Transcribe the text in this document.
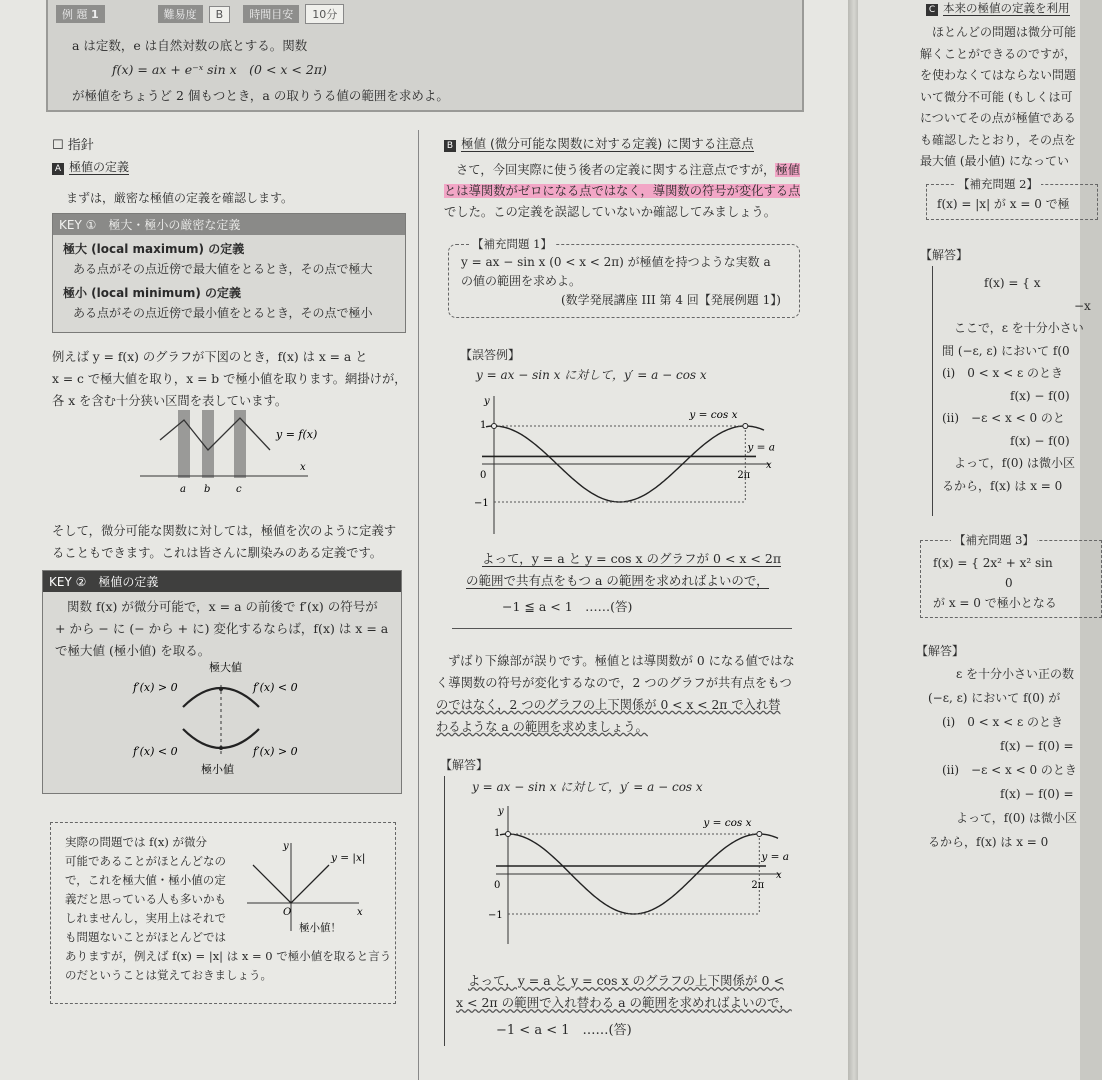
例 題 1	難易度 B 時間目安 10分
a は定数，e は自然対数の底とする。関数
f(x) = ax + e⁻ˣ sin x　(0 < x < 2π)
が極値をちょうど 2 個もつとき，a の取りうる値の範囲を求めよ。
☐ 指針
A 極値の定義
まずは，厳密な極値の定義を確認します。
KEY ①　極大・極小の厳密な定義
極大 (local maximum) の定義
ある点がその点近傍で最大値をとるとき，その点で極大
極小 (local minimum) の定義
ある点がその点近傍で最小値をとるとき，その点で極小
例えば y = f(x) のグラフが下図のとき，f(x) は x = a と
x = c で極大値を取り，x = b で極小値を取ります。網掛けが，
各 x を含む十分狭い区間を表しています。
y = f(x)
x
a b	c
そして，微分可能な関数に対しては，極値を次のように定義す
ることもできます。これは皆さんに馴染みのある定義です。
KEY ②　極値の定義
関数 f(x) が微分可能で，x = a の前後で f′(x) の符号が
+ から − に (− から + に) 変化するならば，f(x) は x = a
で極大値 (極小値) を取る。
極大値
f′(x) > 0	f′(x) < 0
f′(x) < 0	f′(x) > 0
極小値
実際の問題では f(x) が微分
可能であることがほとんどなの
で，これを極大値・極小値の定
義だと思っている人も多いかも
しれませんし，実用上はそれで
も問題ないことがほとんどでは
ありますが，例えば f(x) = |x| は x = 0 で極小値を取ると言う
のだということは覚えておきましょう。
y
x
O
y = |x|
極小値！
B 極値 (微分可能な関数に対する定義) に関する注意点
さて，今回実際に使う後者の定義に関する注意点ですが，極値
とは導関数がゼロになる点ではなく，導関数の符号が変化する点
でした。この定義を誤認していないか確認してみましょう。
【補充問題 1】
y = ax − sin x (0 < x < 2π) が極値を持つような実数 a
の値の範囲を求めよ。
(数学発展講座 III 第 4 回【発展例題 1】)
【誤答例】
y = ax − sin x に対して，y′ = a − cos x
1
0
−1
2π
x
y
y = cos x
y = a
よって，y = a と y = cos x のグラフが 0 < x < 2π
の範囲で共有点をもつ a の範囲を求めればよいので，
−1 ≦ a < 1　……(答)
ずばり下線部が誤りです。極値とは導関数が 0 になる値ではな
く導関数の符号が変化するなので，2 つのグラフが共有点をもつ
のではなく，2 つのグラフの上下関係が 0 < x < 2π で入れ替
わるような a の範囲を求めましょう。
【解答】
y = ax − sin x に対して，y′ = a − cos x
1
0
−1
2π
x
y
y = cos x
y = a
よって，y = a と y = cos x のグラフの上下関係が 0 <
x < 2π の範囲で入れ替わる a の範囲を求めればよいので，
−1 < a < 1　……(答)
C 本来の極値の定義を利用
ほとんどの問題は微分可能
解くことができるのですが，
を使わなくてはならない問題
いて微分不可能 (もしくは可
についてその点が極値である
も確認したとおり，その点を
最大値 (最小値) になってい
【補充問題 2】
f(x) = |x| が x = 0 で極
【解答】
f(x) = { x
−x
ここで，ε を十分小さい
間 (−ε, ε) において f(0
(i)　0 < x < ε のとき
f(x) − f(0)
(ii)　−ε < x < 0 のと
f(x) − f(0)
よって，f(0) は微小区
るから，f(x) は x = 0
【補充問題 3】
f(x) = { 2x² + x² sin
0
が x = 0 で極小となる
【解答】
ε を十分小さい正の数
(−ε, ε) において f(0) が
(i)　0 < x < ε のとき
f(x) − f(0) =
(ii)　−ε < x < 0 のとき
f(x) − f(0) =
よって，f(0) は微小区
るから，f(x) は x = 0
